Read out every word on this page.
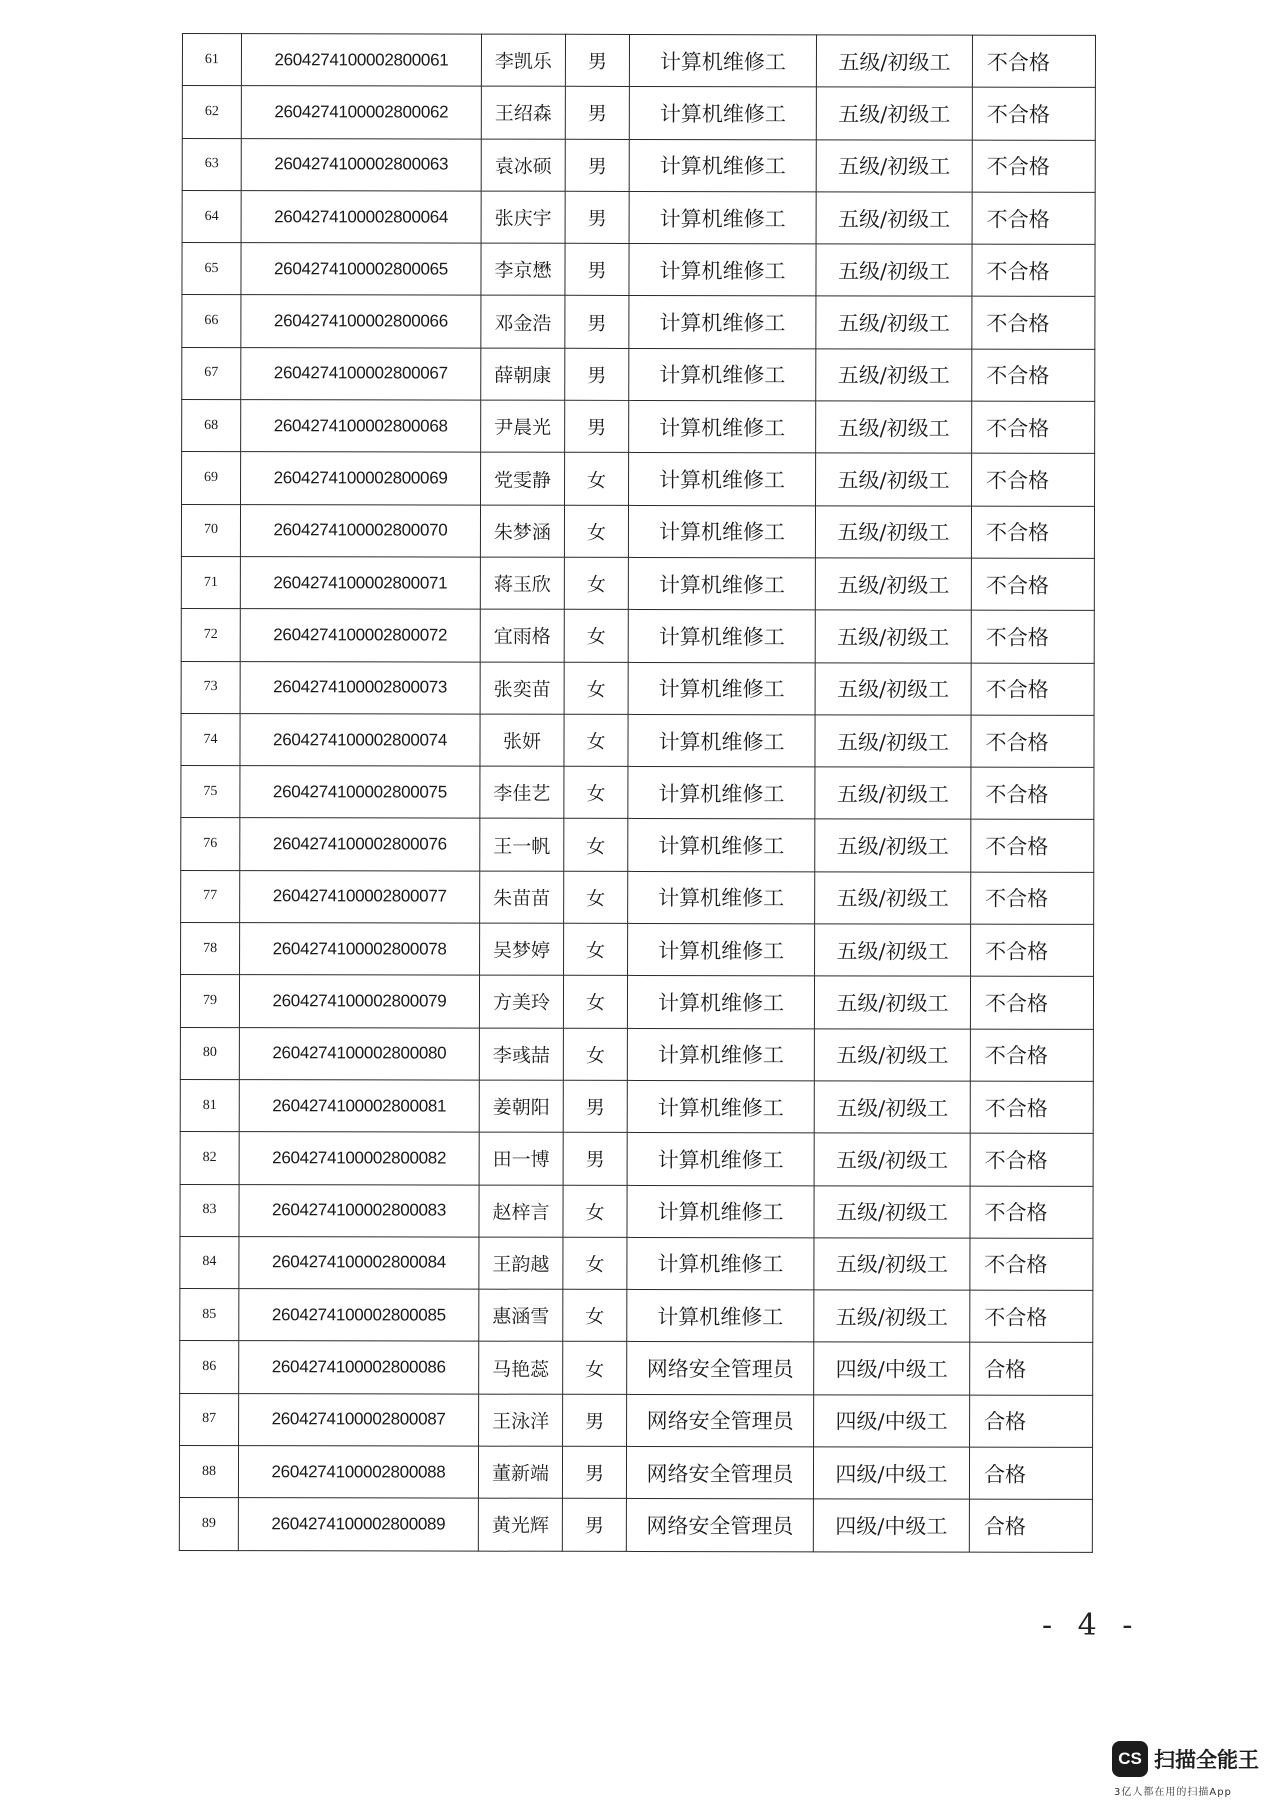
61	2604274100002800061	李凯乐	男	计算机维修工	五级/初级工	不合格
62	2604274100002800062	王绍森	男	计算机维修工	五级/初级工	不合格
63	2604274100002800063	袁冰硕	男	计算机维修工	五级/初级工	不合格
64	2604274100002800064	张庆宇	男	计算机维修工	五级/初级工	不合格
65	2604274100002800065	李京懋	男	计算机维修工	五级/初级工	不合格
66	2604274100002800066	邓金浩	男	计算机维修工	五级/初级工	不合格
67	2604274100002800067	薛朝康	男	计算机维修工	五级/初级工	不合格
68	2604274100002800068	尹晨光	男	计算机维修工	五级/初级工	不合格
69	2604274100002800069	党雯静	女	计算机维修工	五级/初级工	不合格
70	2604274100002800070	朱梦涵	女	计算机维修工	五级/初级工	不合格
71	2604274100002800071	蒋玉欣	女	计算机维修工	五级/初级工	不合格
72	2604274100002800072	宜雨格	女	计算机维修工	五级/初级工	不合格
73	2604274100002800073	张奕苗	女	计算机维修工	五级/初级工	不合格
74	2604274100002800074	张妍	女	计算机维修工	五级/初级工	不合格
75	2604274100002800075	李佳艺	女	计算机维修工	五级/初级工	不合格
76	2604274100002800076	王一帆	女	计算机维修工	五级/初级工	不合格
77	2604274100002800077	朱苗苗	女	计算机维修工	五级/初级工	不合格
78	2604274100002800078	吴梦婷	女	计算机维修工	五级/初级工	不合格
79	2604274100002800079	方美玲	女	计算机维修工	五级/初级工	不合格
80	2604274100002800080	李彧喆	女	计算机维修工	五级/初级工	不合格
81	2604274100002800081	姜朝阳	男	计算机维修工	五级/初级工	不合格
82	2604274100002800082	田一博	男	计算机维修工	五级/初级工	不合格
83	2604274100002800083	赵梓言	女	计算机维修工	五级/初级工	不合格
84	2604274100002800084	王韵越	女	计算机维修工	五级/初级工	不合格
85	2604274100002800085	惠涵雪	女	计算机维修工	五级/初级工	不合格
86	2604274100002800086	马艳蕊	女	网络安全管理员	四级/中级工	合格
87	2604274100002800087	王泳洋	男	网络安全管理员	四级/中级工	合格
88	2604274100002800088	董新端	男	网络安全管理员	四级/中级工	合格
89	2604274100002800089	黄光辉	男	网络安全管理员	四级/中级工	合格
- 4 -
CS 扫描全能王
3亿人都在用的扫描App
